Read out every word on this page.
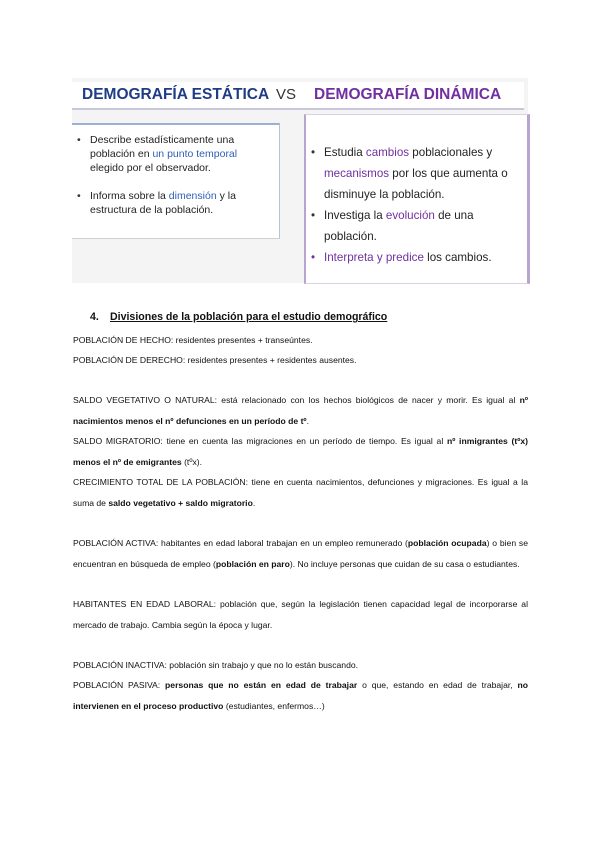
DEMOGRAFÍA ESTÁTICA VS DEMOGRAFÍA DINÁMICA
• Describe estadísticamente una población en un punto temporal elegido por el observador.
• Informa sobre la dimensión y la estructura de la población.
• Estudia cambios poblacionales y mecanismos por los que aumenta o disminuye la población.
• Investiga la evolución de una población.
• Interpreta y predice los cambios.
4. Divisiones de la población para el estudio demográfico
POBLACIÓN DE HECHO: residentes presentes + transeúntes.
POBLACIÓN DE DERECHO: residentes presentes + residentes ausentes.
SALDO VEGETATIVO O NATURAL: está relacionado con los hechos biológicos de nacer y morir. Es igual al nº nacimientos menos el nº defunciones en un período de tº.
SALDO MIGRATORIO: tiene en cuenta las migraciones en un período de tiempo. Es igual al nº inmigrantes (tºx) menos el nº de emigrantes (tºx).
CRECIMIENTO TOTAL DE LA POBLACIÓN: tiene en cuenta nacimientos, defunciones y migraciones. Es igual a la suma de saldo vegetativo + saldo migratorio.
POBLACIÓN ACTIVA: habitantes en edad laboral trabajan en un empleo remunerado (población ocupada) o bien se encuentran en búsqueda de empleo (población en paro). No incluye personas que cuidan de su casa o estudiantes.
HABITANTES EN EDAD LABORAL: población que, según la legislación tienen capacidad legal de incorporarse al mercado de trabajo. Cambia según la época y lugar.
POBLACIÓN INACTIVA: población sin trabajo y que no lo están buscando.
POBLACIÓN PASIVA: personas que no están en edad de trabajar o que, estando en edad de trabajar, no intervienen en el proceso productivo (estudiantes, enfermos…)
